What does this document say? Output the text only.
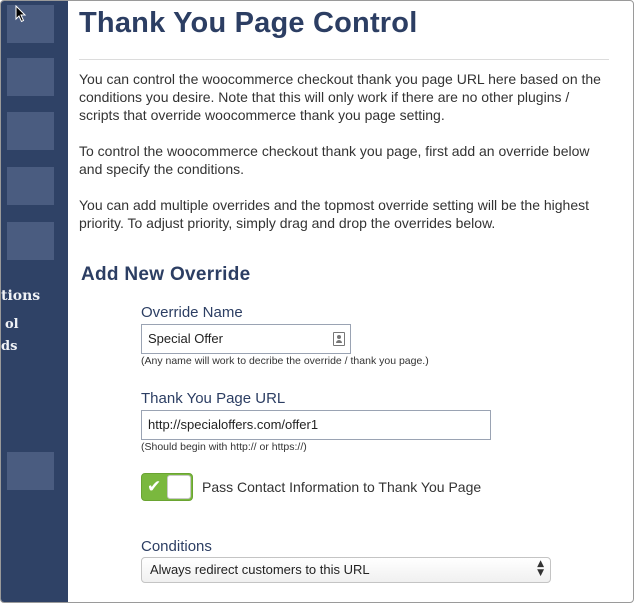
tions
ol
ds
Thank You Page Control

You can control the woocommerce checkout thank you page URL here based on the conditions you desire. Note that this will only work if there are no other plugins / scripts that override woocommerce thank you page setting.

To control the woocommerce checkout thank you page, first add an override below and specify the conditions.

You can add multiple overrides and the topmost override setting will be the highest priority. To adjust priority, simply drag and drop the overrides below.

Add New Override
Override Name
Special Offer
(Any name will work to decribe the override / thank you page.)
Thank You Page URL
http://specialoffers.com/offer1
(Should begin with http:// or https://)
✔	Pass Contact Information to Thank You Page
Conditions
Always redirect customers to this URL	▲
▼
